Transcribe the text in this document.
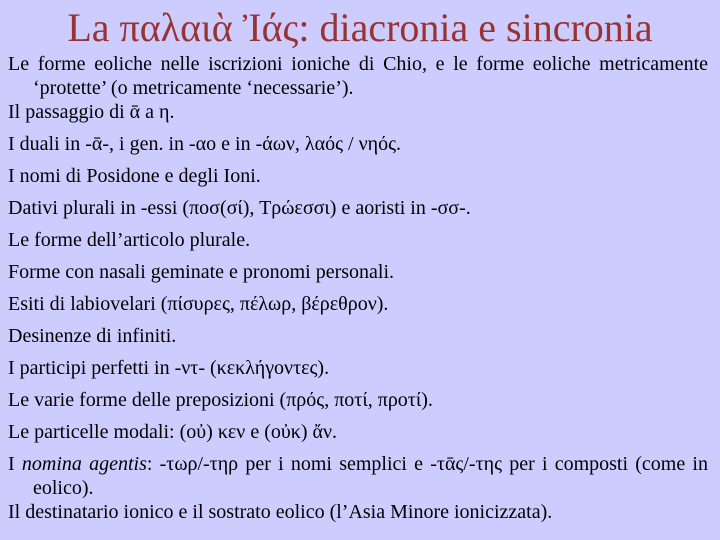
La παλαιὰ Ἰάς: diacronia e sincronia
Le forme eoliche nelle iscrizioni ioniche di Chio, e le forme eoliche metricamente ‘protette’ (o metricamente ‘necessarie’).
Il passaggio di ᾱ a η.
I duali in ‑ᾱ‑, i gen. in ‑αο e in ‑άων, λαός / νηός.
I nomi di Posidone e degli Ioni.
Dativi plurali in ‑essi (ποσ(σί), Τρώεσσι) e aoristi in ‑σσ‑.
Le forme dell’articolo plurale.
Forme con nasali geminate e pronomi personali.
Esiti di labiovelari (πίσυρες, πέλωρ, βέρεθρον).
Desinenze di infiniti.
I participi perfetti in ‑ντ‑ (κεκλήγοντες).
Le varie forme delle preposizioni (πρός, ποτί, προτί).
Le particelle modali: (οὐ) κεν e (οὐκ) ἄν.
I nomina agentis: ‑τωρ/‑τηρ per i nomi semplici e ‑τᾱς/‑της per i composti (come in eolico).
Il destinatario ionico e il sostrato eolico (l’Asia Minore ionicizzata).
